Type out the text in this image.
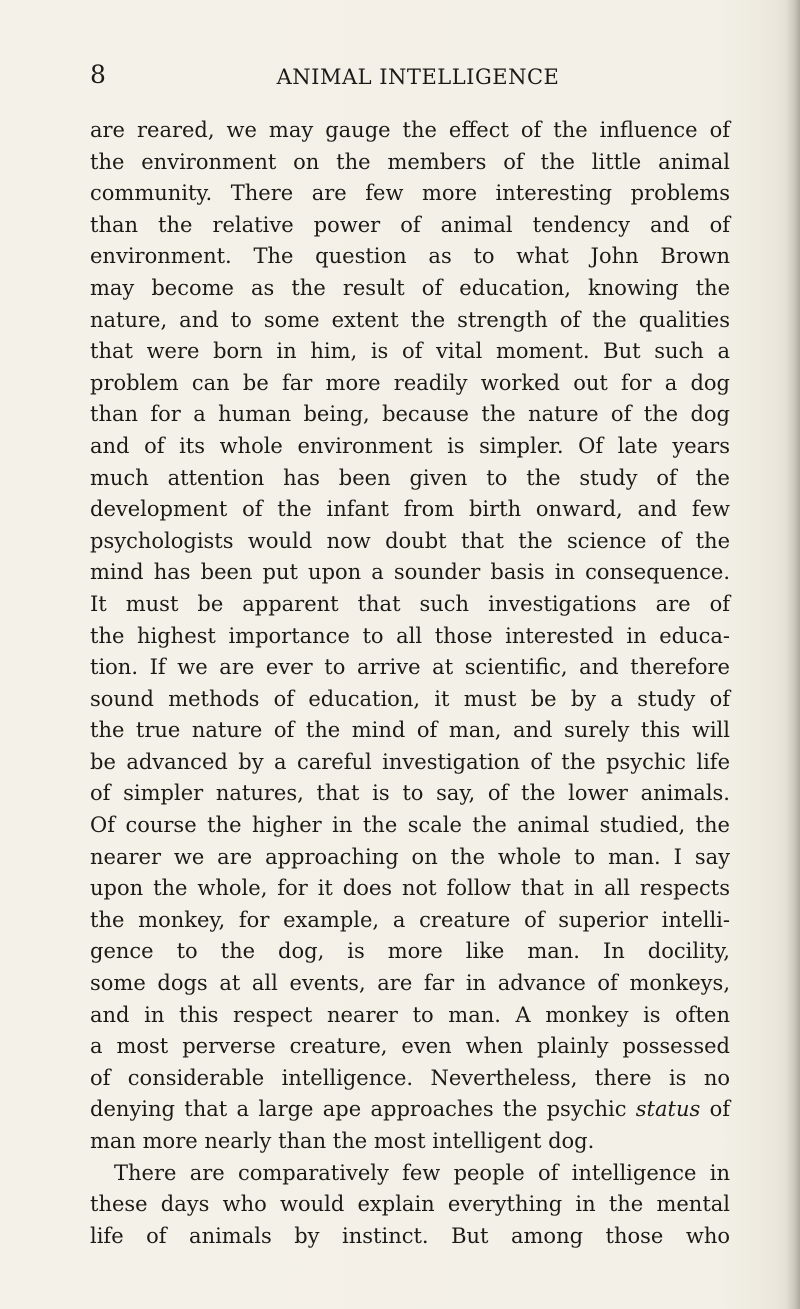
8	ANIMAL INTELLIGENCE
are reared, we may gauge the effect of the influence of
the environment on the members of the little animal
community. There are few more interesting problems
than the relative power of animal tendency and of
environment. The question as to what John Brown
may become as the result of education, knowing the
nature, and to some extent the strength of the qualities
that were born in him, is of vital moment. But such a
problem can be far more readily worked out for a dog
than for a human being, because the nature of the dog
and of its whole environment is simpler. Of late years
much attention has been given to the study of the
development of the infant from birth onward, and few
psychologists would now doubt that the science of the
mind has been put upon a sounder basis in consequence.
It must be apparent that such investigations are of
the highest importance to all those interested in educa-
tion. If we are ever to arrive at scientific, and therefore
sound methods of education, it must be by a study of
the true nature of the mind of man, and surely this will
be advanced by a careful investigation of the psychic life
of simpler natures, that is to say, of the lower animals.
Of course the higher in the scale the animal studied, the
nearer we are approaching on the whole to man. I say
upon the whole, for it does not follow that in all respects
the monkey, for example, a creature of superior intelli-
gence to the dog, is more like man. In docility,
some dogs at all events, are far in advance of monkeys,
and in this respect nearer to man. A monkey is often
a most perverse creature, even when plainly possessed
of considerable intelligence. Nevertheless, there is no
denying that a large ape approaches the psychic status of
man more nearly than the most intelligent dog.
There are comparatively few people of intelligence in
these days who would explain everything in the mental
life of animals by instinct. But among those who
